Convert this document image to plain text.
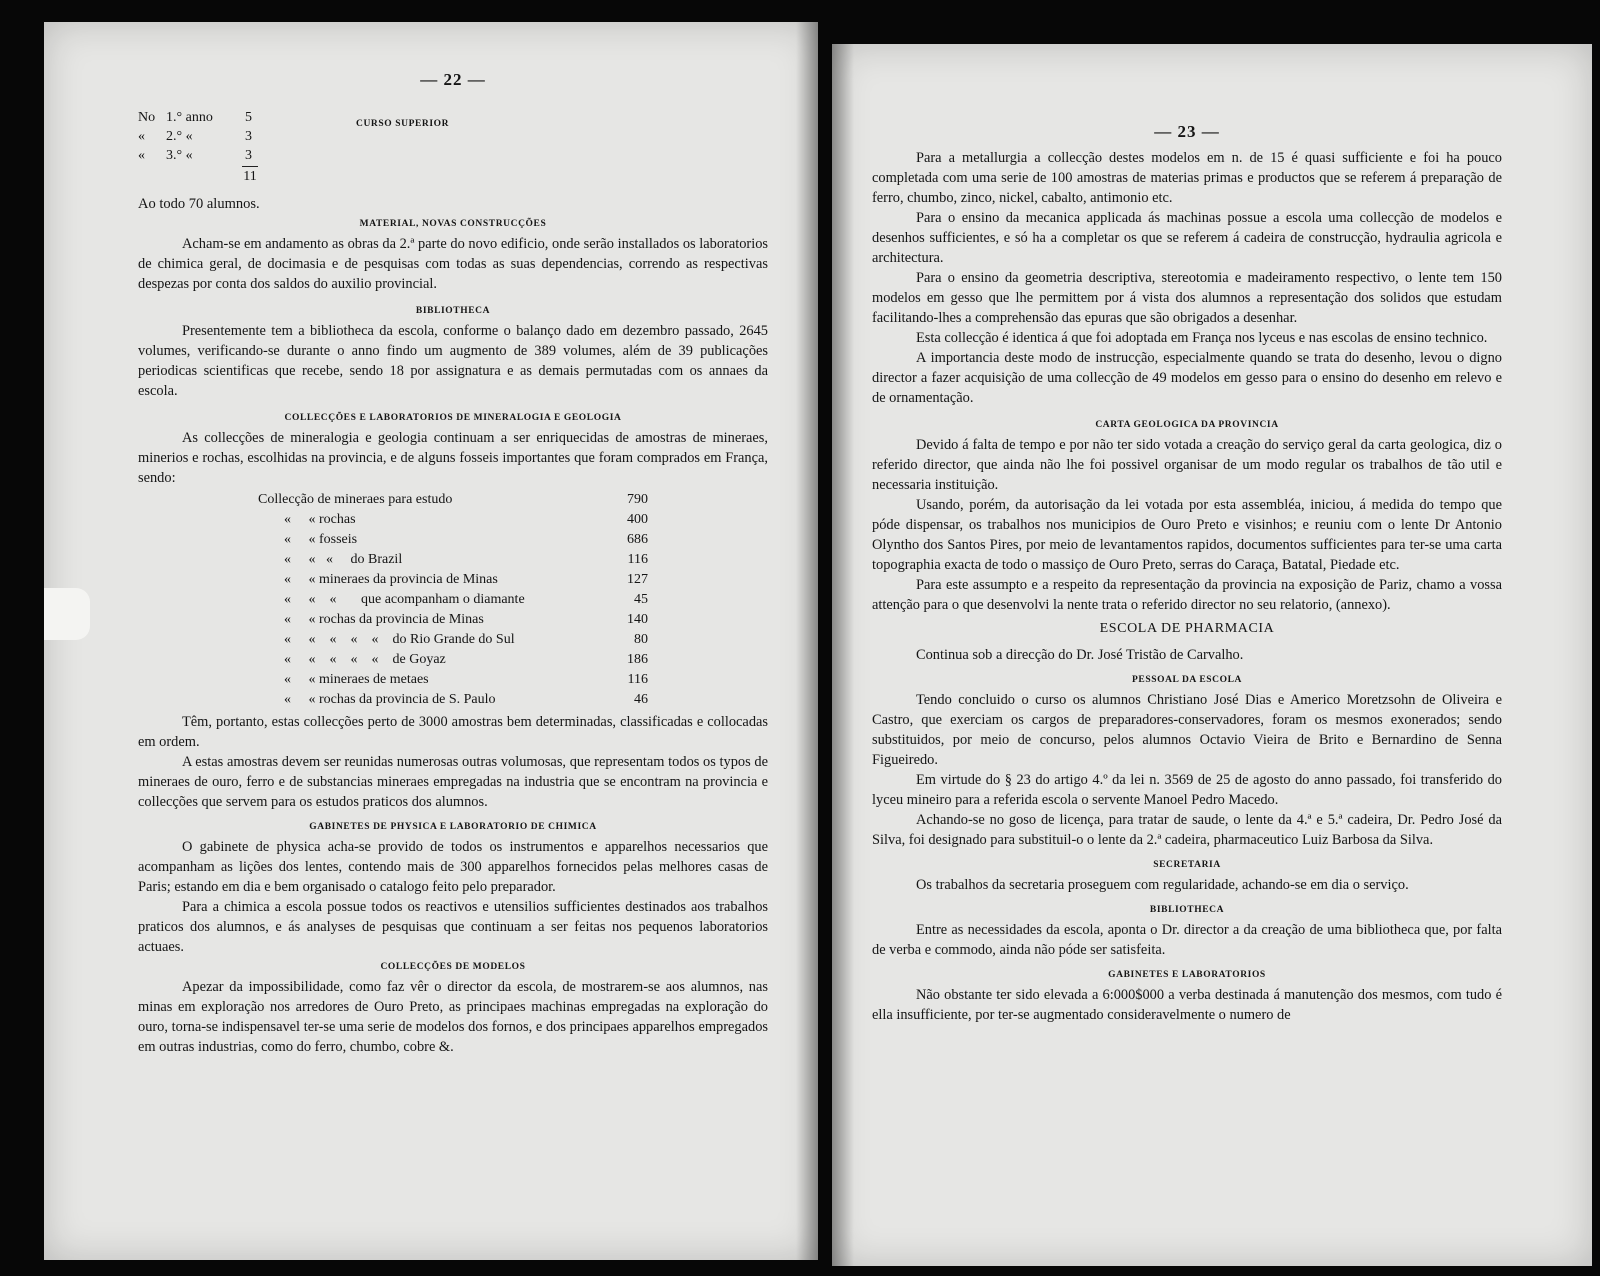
— 22 —
No 1.° anno	5
«	2.° «	3
«	3.° «	3
11
CURSO SUPERIOR
Ao todo 70 alumnos.
MATERIAL, NOVAS CONSTRUCÇÕES

Acham-se em andamento as obras da 2.ª parte do novo edificio, onde serão installados os laboratorios de chimica geral, de docimasia e de pesquisas com todas as suas dependencias, correndo as respectivas despezas por conta dos saldos do auxilio provincial.

BIBLIOTHECA

Presentemente tem a bibliotheca da escola, conforme o balanço dado em dezembro passado, 2645 volumes, verificando-se durante o anno findo um augmento de 389 volumes, além de 39 publicações periodicas scientificas que recebe, sendo 18 por assignatura e as demais permutadas com os annaes da escola.

COLLECÇÕES E LABORATORIOS DE MINERALOGIA E GEOLOGIA

As collecções de mineralogia e geologia continuam a ser enriquecidas de amostras de mineraes, minerios e rochas, escolhidas na provincia, e de alguns fosseis importantes que foram comprados em França, sendo:

Collecção de mineraes para estudo	790
«     « rochas	400
«     « fosseis	686
«     «   «     do Brazil	116
«     « mineraes da provincia de Minas	127
«     «    «       que acompanham o diamante	45
«     « rochas da provincia de Minas	140
«     «    «    «    «    do Rio Grande do Sul	80
«     «    «    «    «    de Goyaz	186
«     « mineraes de metaes	116
«     « rochas da provincia de S. Paulo	46

Têm, portanto, estas collecções perto de 3000 amostras bem determinadas, classificadas e collocadas em ordem.

A estas amostras devem ser reunidas numerosas outras volumosas, que representam todos os typos de mineraes de ouro, ferro e de substancias mineraes empregadas na industria que se encontram na provincia e collecções que servem para os estudos praticos dos alumnos.

GABINETES DE PHYSICA E LABORATORIO DE CHIMICA

O gabinete de physica acha-se provido de todos os instrumentos e apparelhos necessarios que acompanham as lições dos lentes, contendo mais de 300 apparelhos fornecidos pelas melhores casas de Paris; estando em dia e bem organisado o catalogo feito pelo preparador.

Para a chimica a escola possue todos os reactivos e utensilios sufficientes destinados aos trabalhos praticos dos alumnos, e ás analyses de pesquisas que continuam a ser feitas nos pequenos laboratorios actuaes.

COLLECÇÕES DE MODELOS

Apezar da impossibilidade, como faz vêr o director da escola, de mostrarem-se aos alumnos, nas minas em exploração nos arredores de Ouro Preto, as principaes machinas empregadas na exploração do ouro, torna-se indispensavel ter-se uma serie de modelos dos fornos, e dos principaes apparelhos empregados em outras industrias, como do ferro, chumbo, cobre &.

— 23 —

Para a metallurgia a collecção destes modelos em n. de 15 é quasi sufficiente e foi ha pouco completada com uma serie de 100 amostras de materias primas e productos que se referem á preparação de ferro, chumbo, zinco, nickel, cabalto, antimonio etc.

Para o ensino da mecanica applicada ás machinas possue a escola uma collecção de modelos e desenhos sufficientes, e só ha a completar os que se referem á cadeira de construcção, hydraulia agricola e architectura.

Para o ensino da geometria descriptiva, stereotomia e madeiramento respectivo, o lente tem 150 modelos em gesso que lhe permittem por á vista dos alumnos a representação dos solidos que estudam facilitando-lhes a comprehensão das epuras que são obrigados a desenhar.

Esta collecção é identica á que foi adoptada em França nos lyceus e nas escolas de ensino technico.

A importancia deste modo de instrucção, especialmente quando se trata do desenho, levou o digno director a fazer acquisição de uma collecção de 49 modelos em gesso para o ensino do desenho em relevo e de ornamentação.

CARTA GEOLOGICA DA PROVINCIA

Devido á falta de tempo e por não ter sido votada a creação do serviço geral da carta geologica, diz o referido director, que ainda não lhe foi possivel organisar de um modo regular os trabalhos de tão util e necessaria instituição.

Usando, porém, da autorisação da lei votada por esta assembléa, iniciou, á medida do tempo que póde dispensar, os trabalhos nos municipios de Ouro Preto e visinhos; e reuniu com o lente Dr Antonio Olyntho dos Santos Pires, por meio de levantamentos rapidos, documentos sufficientes para ter-se uma carta topographia exacta de todo o massiço de Ouro Preto, serras do Caraça, Batatal, Piedade etc.

Para este assumpto e a respeito da representação da provincia na exposição de Pariz, chamo a vossa attenção para o que desenvolvi la nente trata o referido director no seu relatorio, (annexo).

ESCOLA DE PHARMACIA

Continua sob a direcção do Dr. José Tristão de Carvalho.

PESSOAL DA ESCOLA

Tendo concluido o curso os alumnos Christiano José Dias e Americo Moretzsohn de Oliveira e Castro, que exerciam os cargos de preparadores-conservadores, foram os mesmos exonerados; sendo substituidos, por meio de concurso, pelos alumnos Octavio Vieira de Brito e Bernardino de Senna Figueiredo.

Em virtude do § 23 do artigo 4.º da lei n. 3569 de 25 de agosto do anno passado, foi transferido do lyceu mineiro para a referida escola o servente Manoel Pedro Macedo.

Achando-se no goso de licença, para tratar de saude, o lente da 4.ª e 5.ª cadeira, Dr. Pedro José da Silva, foi designado para substituil-o o lente da 2.ª cadeira, pharmaceutico Luiz Barbosa da Silva.

SECRETARIA

Os trabalhos da secretaria proseguem com regularidade, achando-se em dia o serviço.

BIBLIOTHECA

Entre as necessidades da escola, aponta o Dr. director a da creação de uma bibliotheca que, por falta de verba e commodo, ainda não póde ser satisfeita.

GABINETES E LABORATORIOS

Não obstante ter sido elevada a 6:000$000 a verba destinada á manutenção dos mesmos, com tudo é ella insufficiente, por ter-se augmentado consideravelmente o numero de
